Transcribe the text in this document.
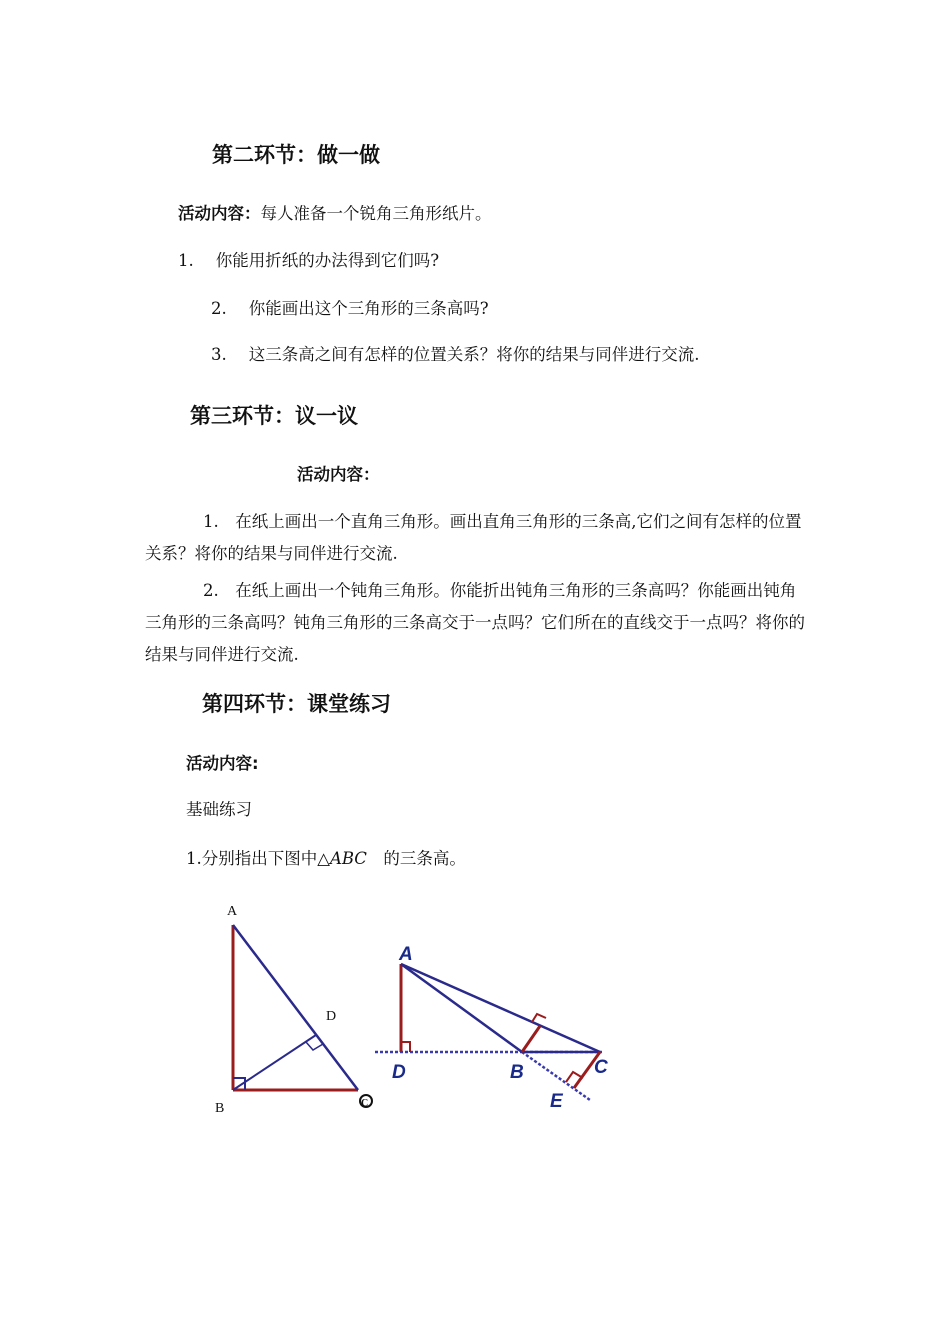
第二环节：做一做
活动内容：每人准备一个锐角三角形纸片。
1. 你能用折纸的办法得到它们吗?
2. 你能画出这个三角形的三条高吗?
3. 这三条高之间有怎样的位置关系？将你的结果与同伴进行交流.
第三环节：议一议
活动内容：
1.　在纸上画出一个直角三角形。画出直角三角形的三条高,它们之间有怎样的位置关系？将你的结果与同伴进行交流.
2.　在纸上画出一个钝角三角形。你能折出钝角三角形的三条高吗？你能画出钝角三角形的三条高吗？钝角三角形的三条高交于一点吗？它们所在的直线交于一点吗？将你的结果与同伴进行交流.
第四环节：课堂练习
活动内容:
基础练习
1.分别指出下图中△ABC　的三条高。
A
B
D
C
A
D	B	C
E
